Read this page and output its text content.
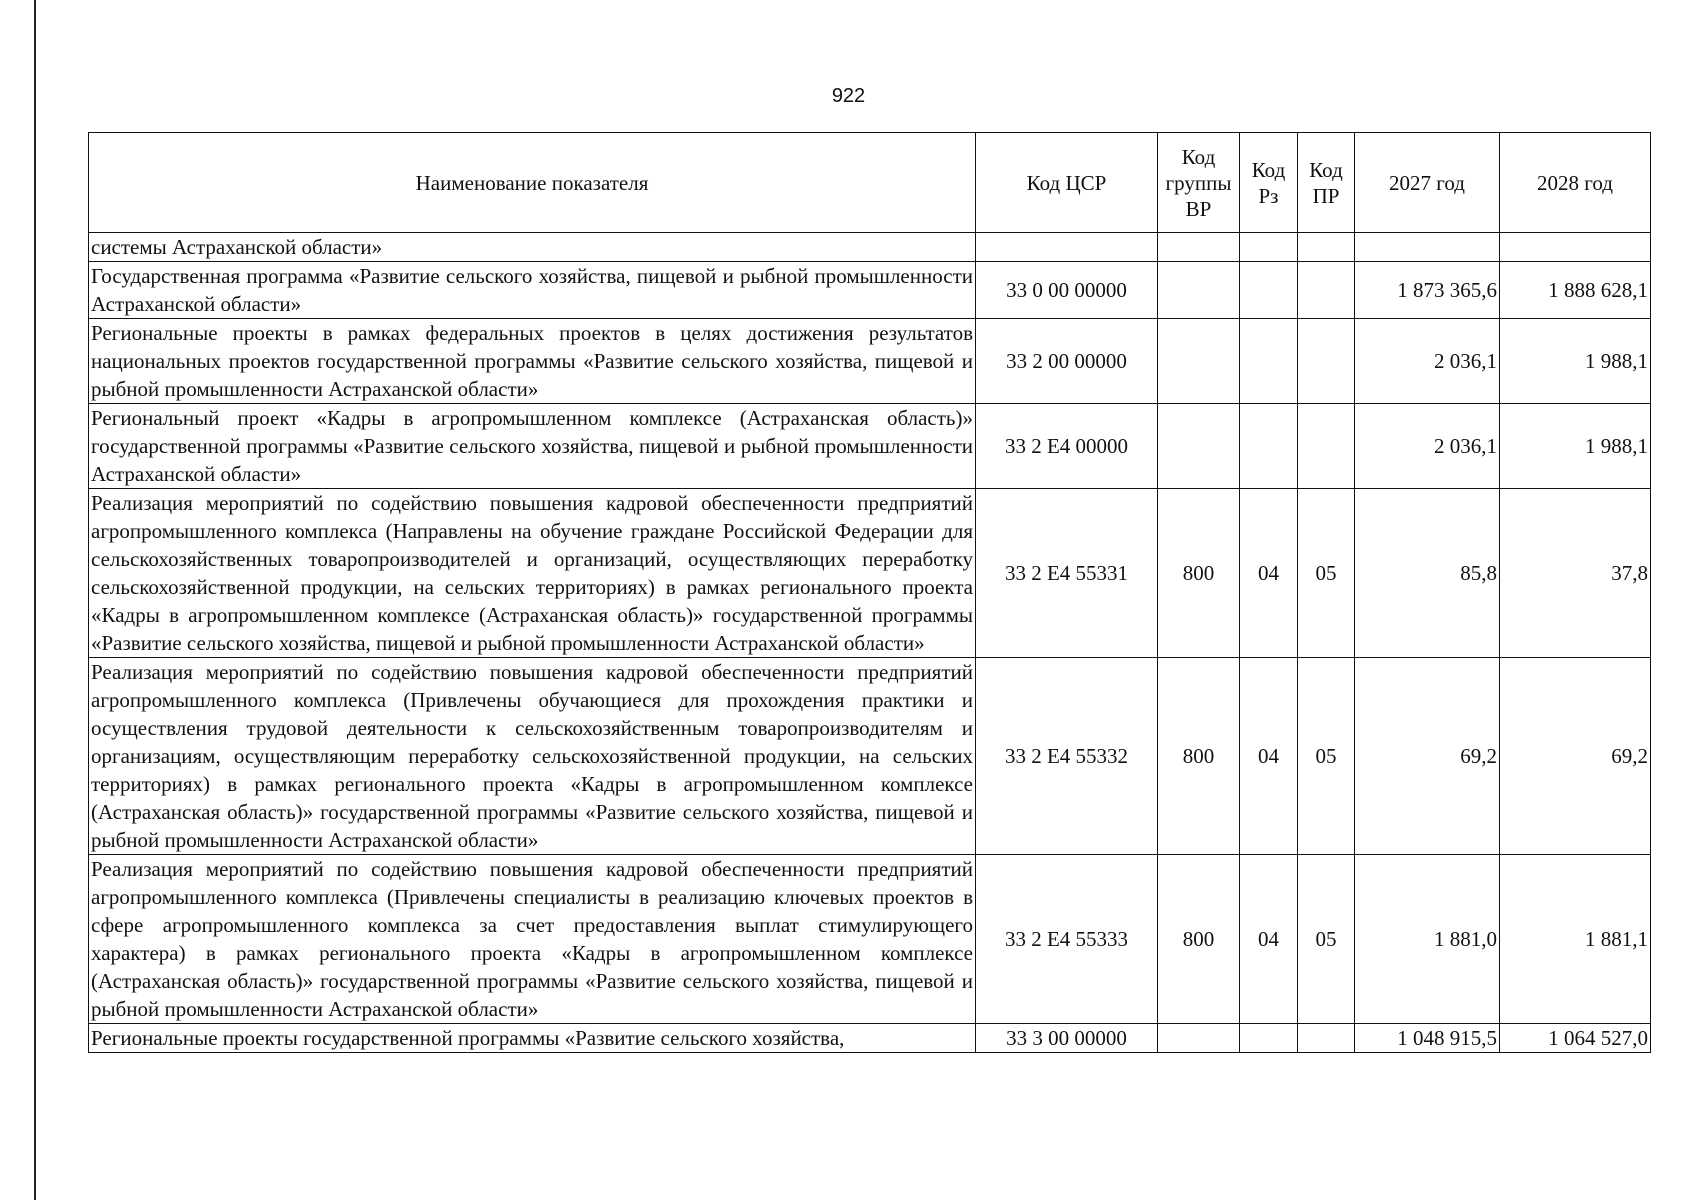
922
Наименование показателя	Код ЦСР	Код группы ВР	Код Рз	Код ПР	2027 год	2028 год
системы Астраханской области»						
Государственная программа «Развитие сельского хозяйства, пищевой и рыбной промышленности Астраханской области»	33 0 00 00000				1 873 365,6	1 888 628,1
Региональные проекты в рамках федеральных проектов в целях достижения результатов национальных проектов государственной программы «Развитие сельского хозяйства, пищевой и рыбной промышленности Астраханской области»	33 2 00 00000				2 036,1	1 988,1
Региональный проект «Кадры в агропромышленном комплексе (Астраханская область)» государственной программы «Развитие сельского хозяйства, пищевой и рыбной промышленности Астраханской области»	33 2 Е4 00000				2 036,1	1 988,1
Реализация мероприятий по содействию повышения кадровой обеспеченности предприятий агропромышленного комплекса (Направлены на обучение граждане Российской Федерации для сельскохозяйственных товаропроизводителей и организаций, осуществляющих переработку сельскохозяйственной продукции, на сельских территориях) в рамках регионального проекта «Кадры в агропромышленном комплексе (Астраханская область)» государственной программы «Развитие сельского хозяйства, пищевой и рыбной промышленности Астраханской области»	33 2 Е4 55331	800	04	05	85,8	37,8
Реализация мероприятий по содействию повышения кадровой обеспеченности предприятий агропромышленного комплекса (Привлечены обучающиеся для прохождения практики и осуществления трудовой деятельности к сельскохозяйственным товаропроизводителям и организациям, осуществляющим переработку сельскохозяйственной продукции, на сельских территориях) в рамках регионального проекта «Кадры в агропромышленном комплексе (Астраханская область)» государственной программы «Развитие сельского хозяйства, пищевой и рыбной промышленности Астраханской области»	33 2 Е4 55332	800	04	05	69,2	69,2
Реализация мероприятий по содействию повышения кадровой обеспеченности предприятий агропромышленного комплекса (Привлечены специалисты в реализацию ключевых проектов в сфере агропромышленного комплекса за счет предоставления выплат стимулирующего характера) в рамках регионального проекта «Кадры в агропромышленном комплексе (Астраханская область)» государственной программы «Развитие сельского хозяйства, пищевой и рыбной промышленности Астраханской области»	33 2 Е4 55333	800	04	05	1 881,0	1 881,1
Региональные проекты государственной программы «Развитие сельского хозяйства,	33 3 00 00000				1 048 915,5	1 064 527,0
